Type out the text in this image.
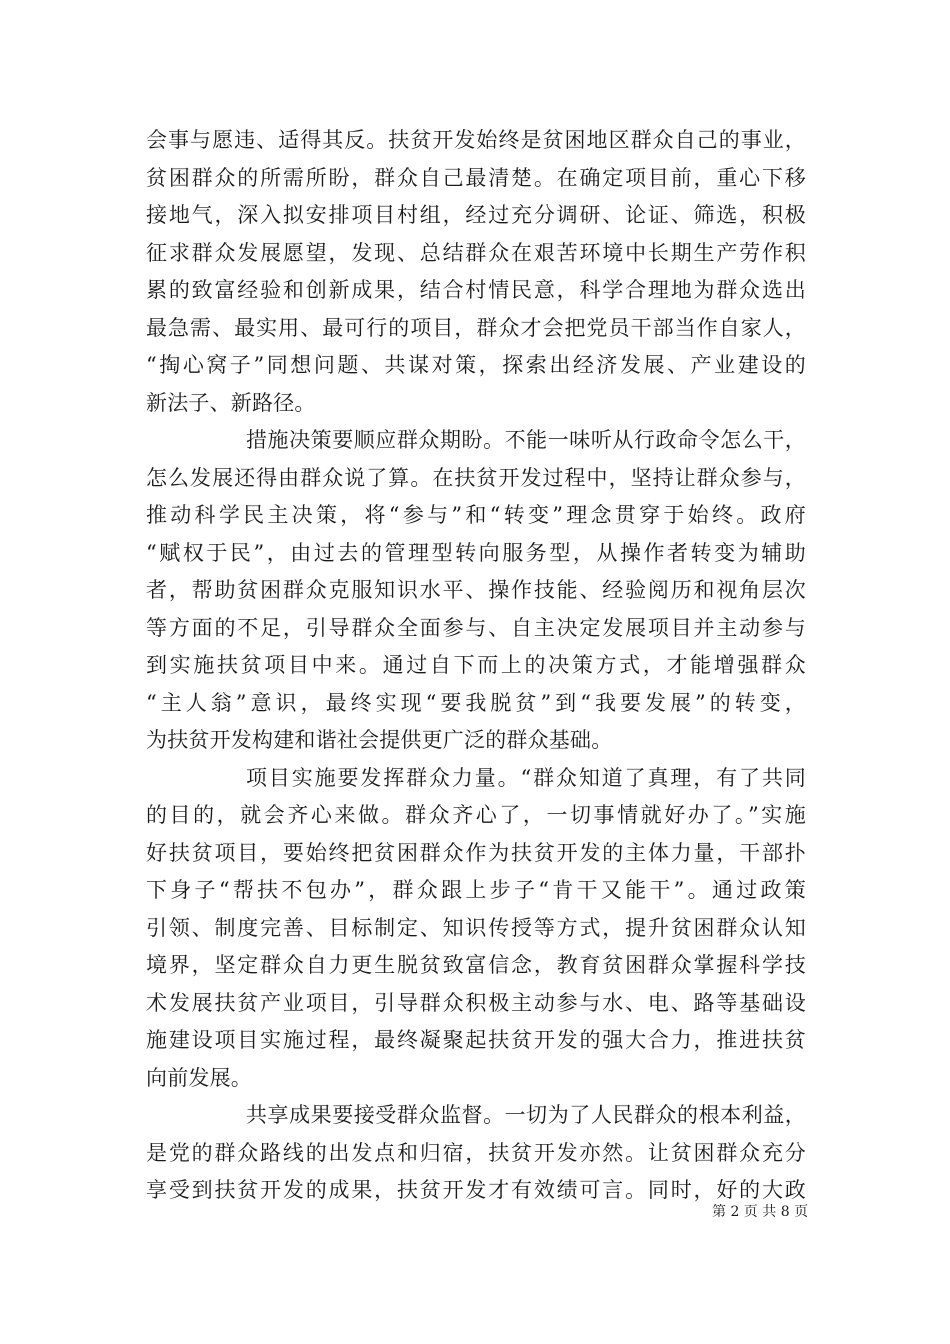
会事与愿违、适得其反。扶贫开发始终是贫困地区群众自己的事业，
贫困群众的所需所盼，群众自己最清楚。在确定项目前，重心下移
接地气，深入拟安排项目村组，经过充分调研、论证、筛选，积极
征求群众发展愿望，发现、总结群众在艰苦环境中长期生产劳作积
累的致富经验和创新成果，结合村情民意，科学合理地为群众选出
最急需、最实用、最可行的项目，群众才会把党员干部当作自家人，
“掏心窝子”同想问题、共谋对策，探索出经济发展、产业建设的
新法子、新路径。
措施决策要顺应群众期盼。不能一味听从行政命令怎么干，
怎么发展还得由群众说了算。在扶贫开发过程中，坚持让群众参与，
推动科学民主决策，将“参与”和“转变”理念贯穿于始终。政府
“赋权于民”，由过去的管理型转向服务型，从操作者转变为辅助
者，帮助贫困群众克服知识水平、操作技能、经验阅历和视角层次
等方面的不足，引导群众全面参与、自主决定发展项目并主动参与
到实施扶贫项目中来。通过自下而上的决策方式，才能增强群众
“主人翁”意识，最终实现“要我脱贫”到“我要发展”的转变，
为扶贫开发构建和谐社会提供更广泛的群众基础。
项目实施要发挥群众力量。“群众知道了真理，有了共同
的目的，就会齐心来做。群众齐心了，一切事情就好办了。”实施
好扶贫项目，要始终把贫困群众作为扶贫开发的主体力量，干部扑
下身子“帮扶不包办”，群众跟上步子“肯干又能干”。通过政策
引领、制度完善、目标制定、知识传授等方式，提升贫困群众认知
境界，坚定群众自力更生脱贫致富信念，教育贫困群众掌握科学技
术发展扶贫产业项目，引导群众积极主动参与水、电、路等基础设
施建设项目实施过程，最终凝聚起扶贫开发的强大合力，推进扶贫
向前发展。
共享成果要接受群众监督。一切为了人民群众的根本利益，
是党的群众路线的出发点和归宿，扶贫开发亦然。让贫困群众充分
享受到扶贫开发的成果，扶贫开发才有效绩可言。同时，好的大政
第 2 页 共 8 页
